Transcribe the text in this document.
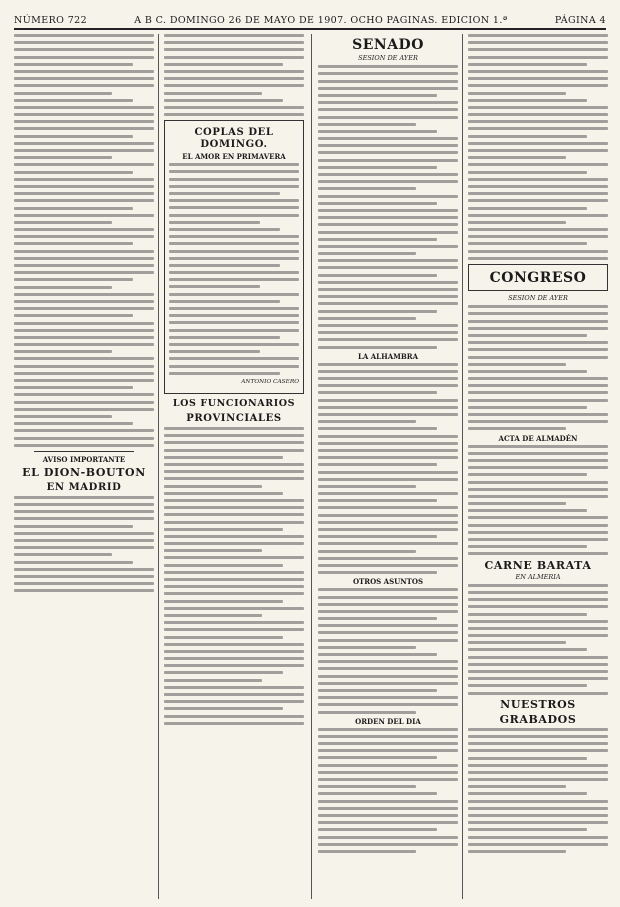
NÚMERO 722	A B C. DOMINGO 26 DE MAYO DE 1907. OCHO PAGINAS. EDICION 1.ª	PÁGINA 4
AVISO IMPORTANTE
EL DION-BOUTON
EN MADRID
COPLAS DEL DOMINGO.
EL AMOR EN PRIMAVERA
ANTONIO CASERO
LOS FUNCIONARIOS
PROVINCIALES
SENADO
SESION DE AYER
LA ALHAMBRA
OTROS ASUNTOS
ORDEN DEL DIA
CONGRESO
SESION DE AYER
ACTA DE ALMADÉN
CARNE BARATA
EN ALMERIA
NUESTROS
GRABADOS
